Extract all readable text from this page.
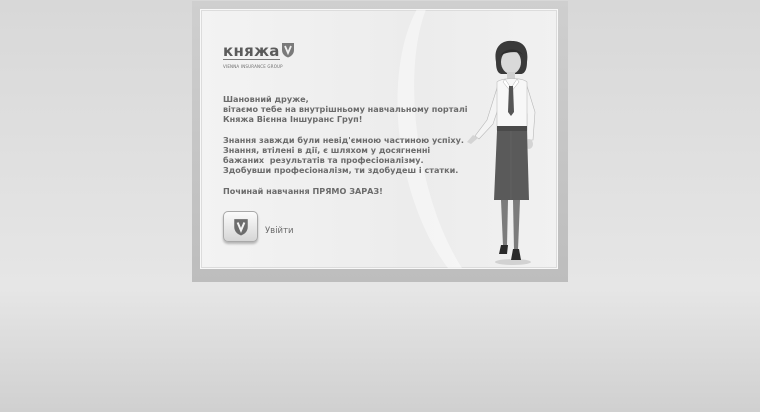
княжа
VIENNA INSURANCE GROUP

Шановний друже,
вітаємо тебе на внутрішньому навчальному порталі
Княжа Вієнна Іншуранс Груп!

Знання завжди були невід'ємною частиною успіху.
Знання, втілені в дії, є шляхом у досягненні
бажаних  результатів та професіоналізму.
Здобувши професіоналізм, ти здобудеш і статки.

Починай навчання ПРЯМО ЗАРАЗ!

Увійти
